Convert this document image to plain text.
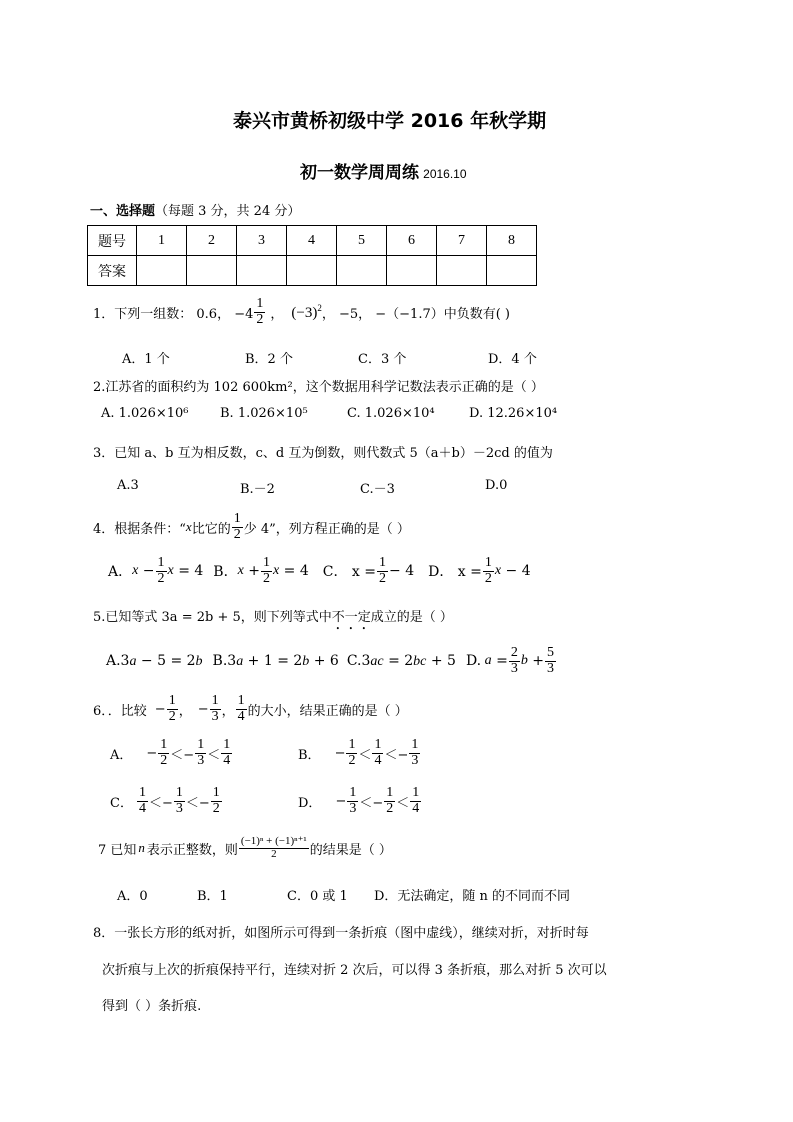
泰兴市黄桥初级中学 2016 年秋学期
初一数学周周练 2016.10
一、选择题（每题 3 分，共 24 分）
题号	1	2	3	4	5	6	7	8
答案								
1．下列一组数： 0.6， $-4 \frac{1}{2}$ ， $(-3)^2$ ， −5， −（−1.7）中负数有( )
A．1 个	B．2 个	C．3 个	D．4 个
2.江苏省的面积约为 102 600km²，这个数据用科学记数法表示正确的是（ ）
A. 1.026×10⁶ B. 1.026×10⁵	C. 1.026×10⁴	D. 12.26×10⁴
3．已知 a、b 互为相反数，c、d 互为倒数，则代数式 5（a＋b）－2cd 的值为
A.3	B.－2	C.－3	D.0
4．根据条件：“ x 比它的 $\frac{1}{2}$ 少 4”，列方程正确的是（ ）
A． $x - \frac{1}{2}$ x = 4 B． $x + \frac{1}{2}$ x = 4 C． $x = \frac{1}{2} - 4$ D． $x = \frac{1}{2}$ x − 4
5.已知等式 3a = 2b + 5，则下列等式中不一定成立的是（ ）
A.3a − 5 = 2b B.3a + 1 = 2b + 6 C.3ac = 2bc + 5 D. $a = \frac{2}{3}$ $b + \frac{5}{3}$
6．．比较 − $\frac{1}{2}$ ， − $\frac{1}{3}$ ， $\frac{1}{4}$ 的大小，结果正确的是（ ）
A． − $\frac{1}{2} <- \frac{1}{3} < \frac{1}{4}$	B． − $\frac{1}{2} < \frac{1}{4} <- \frac{1}{3}$
C． $\frac{1}{4} <- \frac{1}{3} <- \frac{1}{2}$	D． − $\frac{1}{3} <- \frac{1}{2} < \frac{1}{4}$
7 已知 n 表示正整数，则 $\frac{\text{(−1)ⁿ + (−1)ⁿ⁺¹}}{2}$ 的结果是（ ）
A．0	B．1	C．0 或 1 D．无法确定，随 n 的不同而不同
8．一张长方形的纸对折，如图所示可得到一条折痕（图中虚线），继续对折，对折时每
次折痕与上次的折痕保持平行，连续对折 2 次后，可以得 3 条折痕，那么对折 5 次可以
得到（ ）条折痕.
